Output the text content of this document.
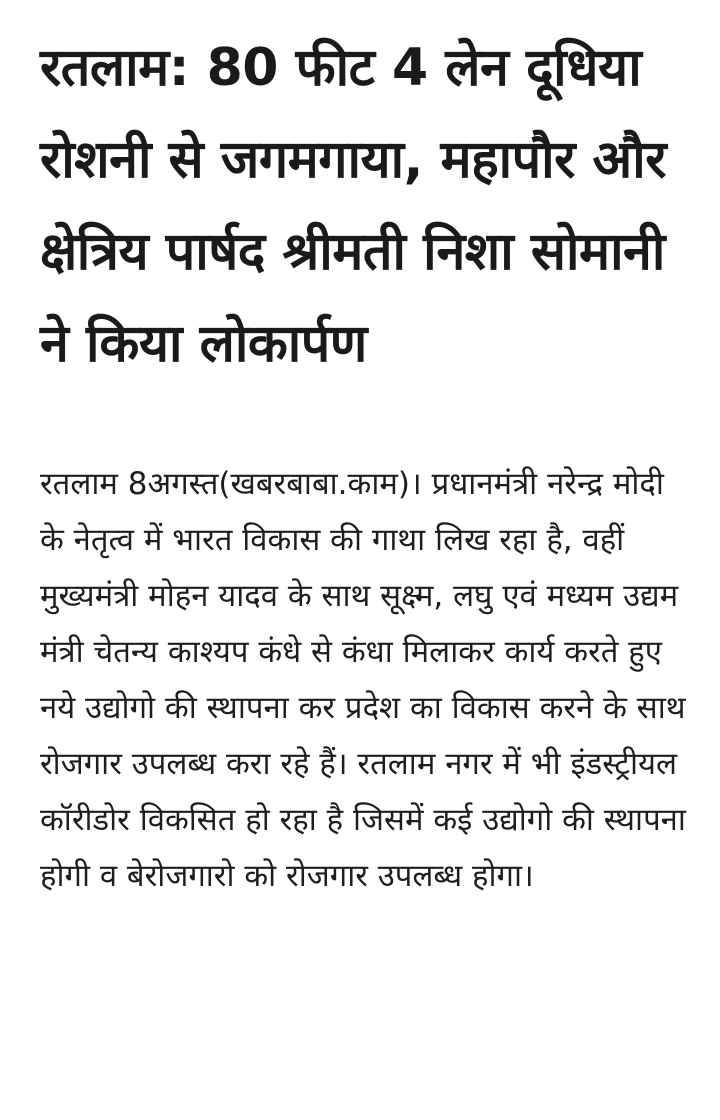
रतलाम: 80 फीट 4 लेन दूधिया रोशनी से जगमगाया, महापौर और क्षेत्रिय पार्षद श्रीमती निशा सोमानी ने किया लोकार्पण

रतलाम 8अगस्त(खबरबाबा.काम)। प्रधानमंत्री नरेन्द्र मोदी के नेतृत्व में भारत विकास की गाथा लिख रहा है, वहीं मुख्यमंत्री मोहन यादव के साथ सूक्ष्म, लघु एवं मध्यम उद्यम मंत्री चेतन्य काश्यप कंधे से कंधा मिलाकर कार्य करते हुए नये उद्योगो की स्थापना कर प्रदेश का विकास करने के साथ रोजगार उपलब्ध करा रहे हैं। रतलाम नगर में भी इंडस्ट्रीयल कॉरीडोर विकसित हो रहा है जिसमें कई उद्योगो की स्थापना होगी व बेरोजगारो को रोजगार उपलब्ध होगा।
